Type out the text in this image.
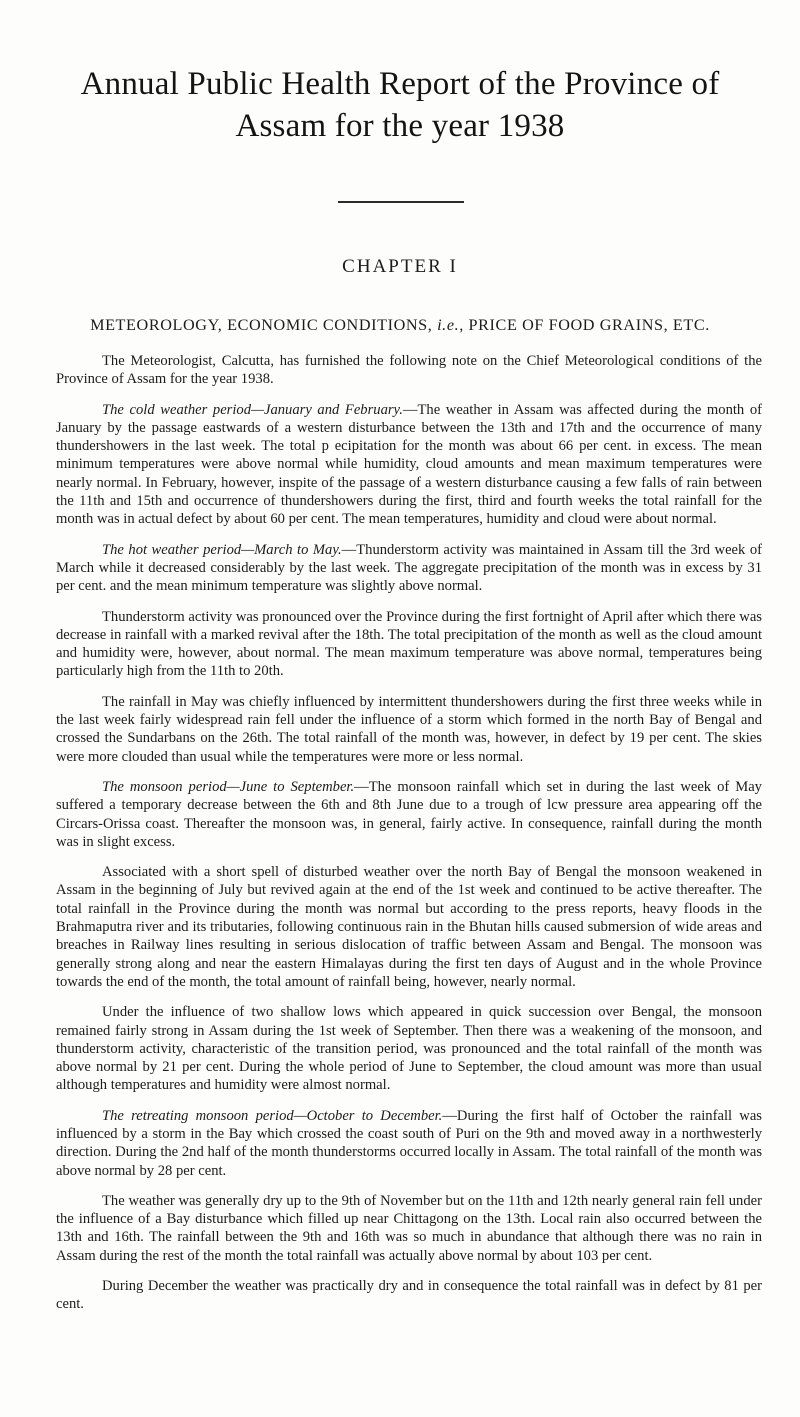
Annual Public Health Report of the Province of
Assam for the year 1938
CHAPTER I
METEOROLOGY, ECONOMIC CONDITIONS, i.e., PRICE OF FOOD GRAINS, ETC.

The Meteorologist, Calcutta, has furnished the following note on the Chief Meteorological conditions of the Province of Assam for the year 1938.

The cold weather period—January and February.—The weather in Assam was affected during the month of January by the passage eastwards of a western disturbance between the 13th and 17th and the occurrence of many thundershowers in the last week. The total p ecipitation for the month was about 66 per cent. in excess. The mean minimum temperatures were above normal while humidity, cloud amounts and mean maximum temperatures were nearly normal. In February, however, inspite of the passage of a western disturbance causing a few falls of rain between the 11th and 15th and occurrence of thundershowers during the first, third and fourth weeks the total rainfall for the month was in actual defect by about 60 per cent. The mean temperatures, humidity and cloud were about normal.

The hot weather period—March to May.—Thunderstorm activity was maintained in Assam till the 3rd week of March while it decreased considerably by the last week. The aggregate precipitation of the month was in excess by 31 per cent. and the mean minimum temperature was slightly above normal.

Thunderstorm activity was pronounced over the Province during the first fortnight of April after which there was decrease in rainfall with a marked revival after the 18th. The total precipitation of the month as well as the cloud amount and humidity were, however, about normal. The mean maximum temperature was above normal, temperatures being particularly high from the 11th to 20th.

The rainfall in May was chiefly influenced by intermittent thundershowers during the first three weeks while in the last week fairly widespread rain fell under the influence of a storm which formed in the north Bay of Bengal and crossed the Sundarbans on the 26th. The total rainfall of the month was, however, in defect by 19 per cent. The skies were more clouded than usual while the temperatures were more or less normal.

The monsoon period—June to September.—The monsoon rainfall which set in during the last week of May suffered a temporary decrease between the 6th and 8th June due to a trough of lcw pressure area appearing off the Circars-Orissa coast. Thereafter the monsoon was, in general, fairly active. In consequence, rainfall during the month was in slight excess.

Associated with a short spell of disturbed weather over the north Bay of Bengal the monsoon weakened in Assam in the beginning of July but revived again at the end of the 1st week and continued to be active thereafter. The total rainfall in the Province during the month was normal but according to the press reports, heavy floods in the Brahmaputra river and its tributaries, following continuous rain in the Bhutan hills caused submersion of wide areas and breaches in Railway lines resulting in serious dislocation of traffic between Assam and Bengal. The monsoon was generally strong along and near the eastern Himalayas during the first ten days of August and in the whole Province towards the end of the month, the total amount of rainfall being, however, nearly normal.

Under the influence of two shallow lows which appeared in quick succession over Bengal, the monsoon remained fairly strong in Assam during the 1st week of September. Then there was a weakening of the monsoon, and thunderstorm activity, characteristic of the transition period, was pronounced and the total rainfall of the month was above normal by 21 per cent. During the whole period of June to September, the cloud amount was more than usual although temperatures and humidity were almost normal.

The retreating monsoon period—October to December.—During the first half of October the rainfall was influenced by a storm in the Bay which crossed the coast south of Puri on the 9th and moved away in a northwesterly direction. During the 2nd half of the month thunderstorms occurred locally in Assam. The total rainfall of the month was above normal by 28 per cent.

The weather was generally dry up to the 9th of November but on the 11th and 12th nearly general rain fell under the influence of a Bay disturbance which filled up near Chittagong on the 13th. Local rain also occurred between the 13th and 16th. The rainfall between the 9th and 16th was so much in abundance that although there was no rain in Assam during the rest of the month the total rainfall was actually above normal by about 103 per cent.

During December the weather was practically dry and in consequence the total rainfall was in defect by 81 per cent.
